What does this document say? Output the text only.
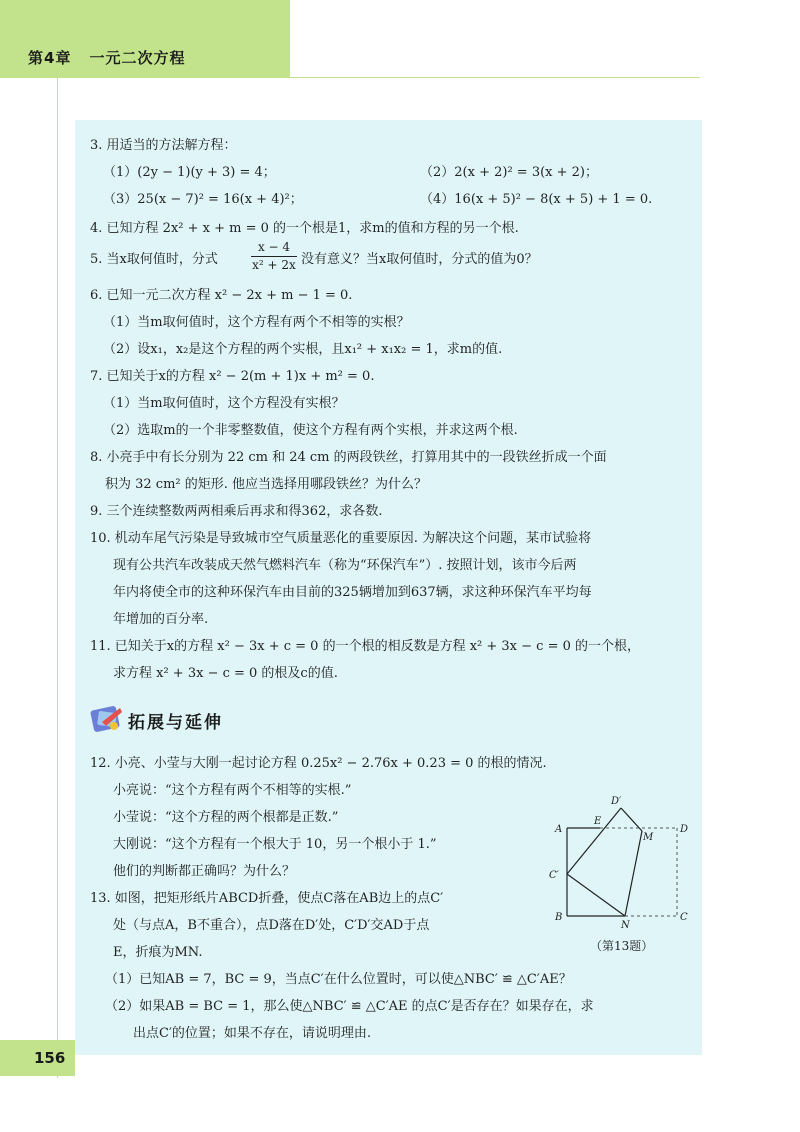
第4章 一元二次方程
3. 用适当的方法解方程：
（1）(2y − 1)(y + 3) = 4；	（2）2(x + 2)² = 3(x + 2)；
（3）25(x − 7)² = 16(x + 4)²；	（4）16(x + 5)² − 8(x + 5) + 1 = 0.
4. 已知方程 2x² + x + m = 0 的一个根是1，求m的值和方程的另一个根.
5. 当x取何值时，分式
x − 4
x² + 2x 没有意义？当x取何值时，分式的值为0？
6. 已知一元二次方程 x² − 2x + m − 1 = 0.
（1）当m取何值时，这个方程有两个不相等的实根？
（2）设x₁，x₂是这个方程的两个实根，且x₁² + x₁x₂ = 1，求m的值.
7. 已知关于x的方程 x² − 2(m + 1)x + m² = 0.
（1）当m取何值时，这个方程没有实根？
（2）选取m的一个非零整数值，使这个方程有两个实根，并求这两个根.
8. 小亮手中有长分别为 22 cm 和 24 cm 的两段铁丝，打算用其中的一段铁丝折成一个面
积为 32 cm² 的矩形. 他应当选择用哪段铁丝？为什么？
9. 三个连续整数两两相乘后再求和得362，求各数.
10. 机动车尾气污染是导致城市空气质量恶化的重要原因. 为解决这个问题，某市试验将
现有公共汽车改装成天然气燃料汽车（称为“环保汽车”）. 按照计划，该市今后两
年内将使全市的这种环保汽车由目前的325辆增加到637辆，求这种环保汽车平均每
年增加的百分率.
11. 已知关于x的方程 x² − 3x + c = 0 的一个根的相反数是方程 x² + 3x − c = 0 的一个根，
求方程 x² + 3x − c = 0 的根及c的值.
拓展与延伸
12. 小亮、小莹与大刚一起讨论方程 0.25x² − 2.76x + 0.23 = 0 的根的情况.
小亮说：“这个方程有两个不相等的实根.”
小莹说：“这个方程的两个根都是正数.”
大刚说：“这个方程有一个根大于 10，另一个根小于 1.”
他们的判断都正确吗？为什么？
13. 如图，把矩形纸片ABCD折叠，使点C落在AB边上的点C′
处（与点A，B不重合），点D落在D′处，C′D′交AD于点
E，折痕为MN.
（1）已知AB = 7，BC = 9，当点C′在什么位置时，可以使△NBC′ ≌ △C′AE？
（2）如果AB = BC = 1，那么使△NBC′ ≌ △C′AE 的点C′是否存在？如果存在，求
出点C′的位置；如果不存在，请说明理由.
A
B
C′
D′
E
M
N
D
C
（第13题）
156
